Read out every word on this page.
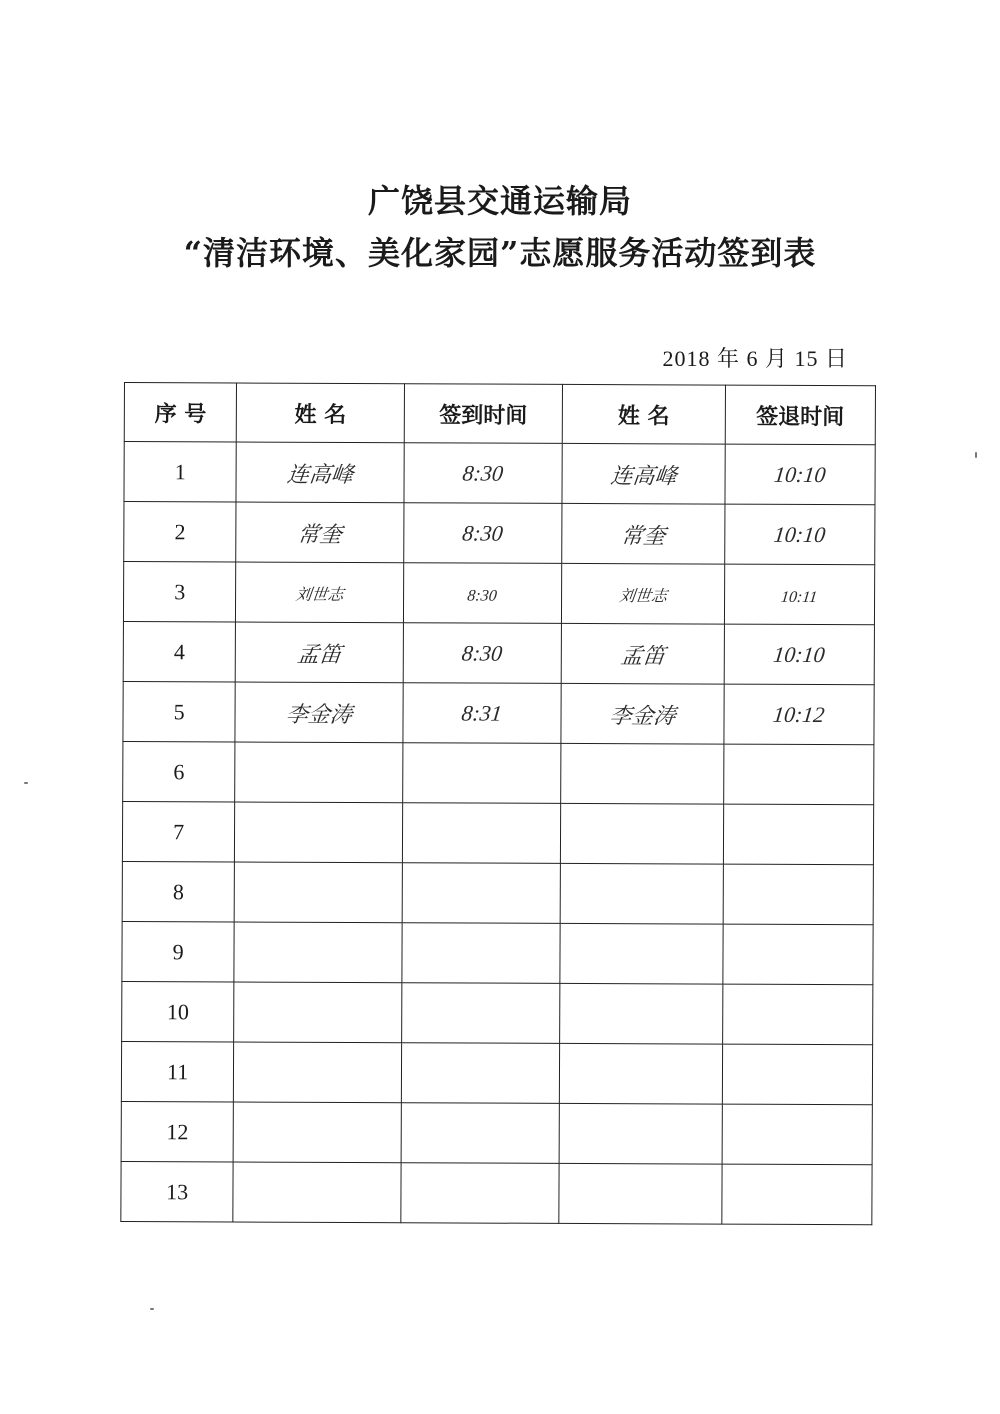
广饶县交通运输局
“清洁环境、美化家园”志愿服务活动签到表
2018 年 6 月 15 日
序 号	姓 名	签到时间	姓 名	签退时间
1	连高峰	8:30	连高峰	10:10
2	常奎	8:30	常奎	10:10
3	刘世志	8:30	刘世志	10:11
4	孟笛	8:30	孟笛	10:10
5	李金涛	8:31	李金涛	10:12
6				
7				
8				
9				
10				
11				
12				
13				
